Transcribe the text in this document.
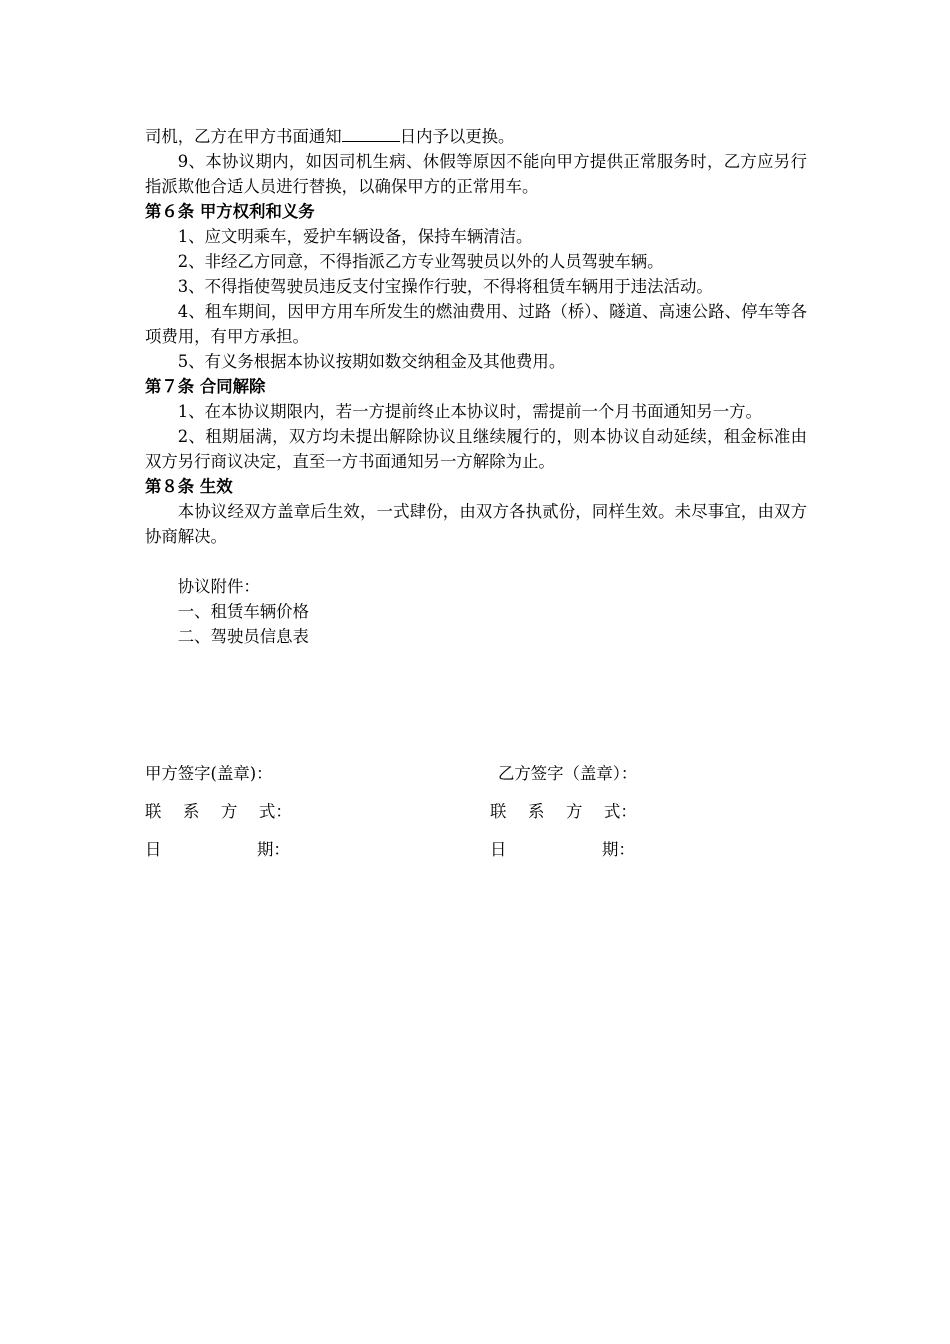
司机，乙方在甲方书面通知	日内予以更换。

9、本协议期内，如因司机生病、休假等原因不能向甲方提供正常服务时，乙方应另行指派欺他合适人员进行替换，以确保甲方的正常用车。

第６条 甲方权利和义务

1、应文明乘车，爱护车辆设备，保持车辆清洁。

2、非经乙方同意，不得指派乙方专业驾驶员以外的人员驾驶车辆。

3、不得指使驾驶员违反支付宝操作行驶，不得将租赁车辆用于违法活动。

4、租车期间，因甲方用车所发生的燃油费用、过路（桥）、隧道、高速公路、停车等各项费用，有甲方承担。

5、有义务根据本协议按期如数交纳租金及其他费用。

第７条 合同解除

1、在本协议期限内，若一方提前终止本协议时，需提前一个月书面通知另一方。

2、租期届满，双方均未提出解除协议且继续履行的，则本协议自动延续，租金标准由双方另行商议决定，直至一方书面通知另一方解除为止。

第８条 生效

本协议经双方盖章后生效，一式肆份，由双方各执贰份，同样生效。未尽事宜，由双方协商解决。

协议附件：

一、租赁车辆价格

二、驾驶员信息表

甲方签字(盖章)：	乙方签字（盖章）：
联 系 方 式：	联 系 方 式：
日	期：	日	期：
